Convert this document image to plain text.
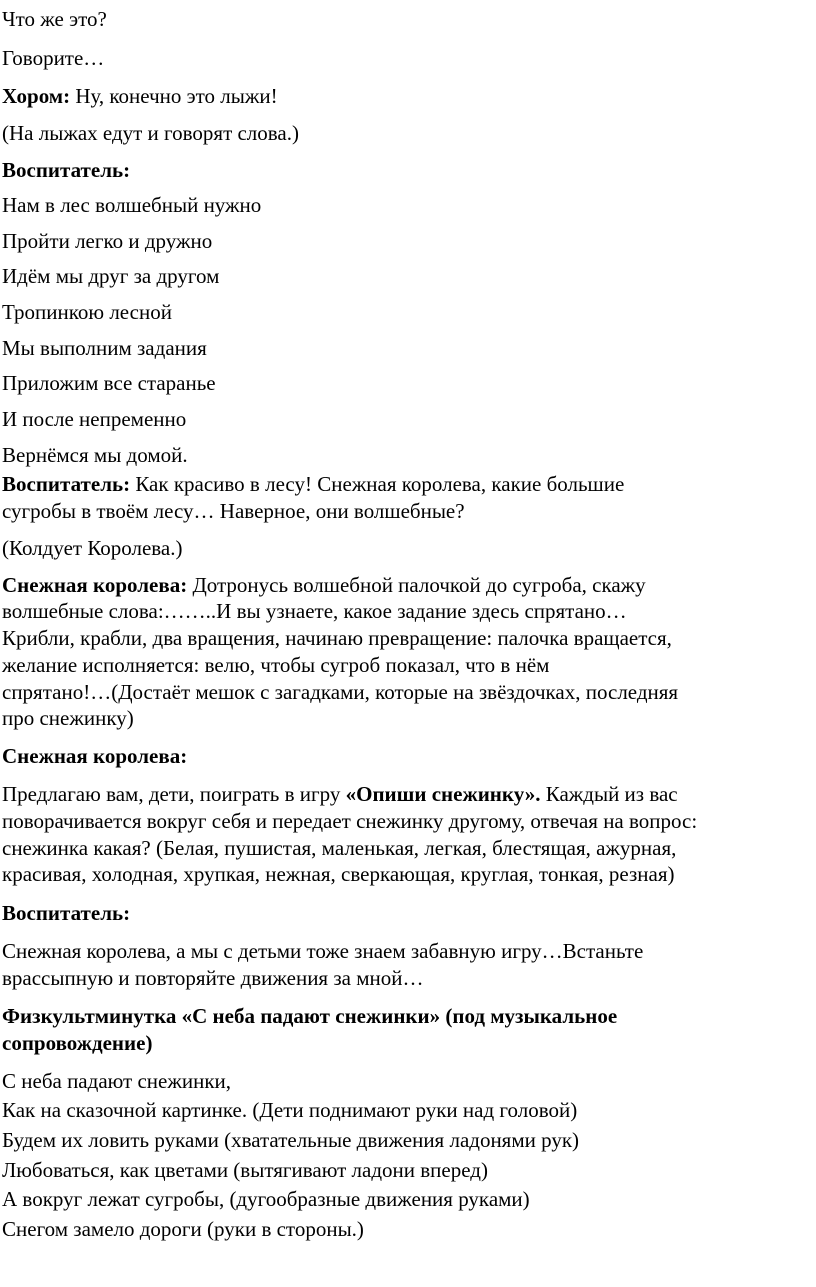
Что же это?
Говорите…
Хором: Ну, конечно это лыжи!
(На лыжах едут и говорят слова.)
Воспитатель:
Нам в лес волшебный нужно
Пройти легко и дружно
Идём мы друг за другом
Тропинкою лесной
Мы выполним задания
Приложим все старанье
И после непременно
Вернёмся мы домой.
Воспитатель: Как красиво в лесу! Снежная королева, какие большие
сугробы в твоём лесу… Наверное, они волшебные?
(Колдует Королева.)
Снежная королева: Дотронусь волшебной палочкой до сугроба, скажу
волшебные слова:……..И вы узнаете, какое задание здесь спрятано…
Крибли, крабли, два вращения, начинаю превращение: палочка вращается,
желание исполняется: велю, чтобы сугроб показал, что в нём
спрятано!…(Достаёт мешок с загадками, которые на звёздочках, последняя
про снежинку)
Снежная королева:
Предлагаю вам, дети, поиграть в игру «Опиши снежинку». Каждый из вас
поворачивается вокруг себя и передает снежинку другому, отвечая на вопрос:
снежинка какая? (Белая, пушистая, маленькая, легкая, блестящая, ажурная,
красивая, холодная, хрупкая, нежная, сверкающая, круглая, тонкая, резная)
Воспитатель:
Снежная королева, а мы с детьми тоже знаем забавную игру…Встаньте
врассыпную и повторяйте движения за мной…
Физкультминутка «С неба падают снежинки» (под музыкальное
сопровождение)
С неба падают снежинки,
Как на сказочной картинке. (Дети поднимают руки над головой)
Будем их ловить руками (хватательные движения ладонями рук)
Любоваться, как цветами (вытягивают ладони вперед)
А вокруг лежат сугробы, (дугообразные движения руками)
Снегом замело дороги (руки в стороны.)
